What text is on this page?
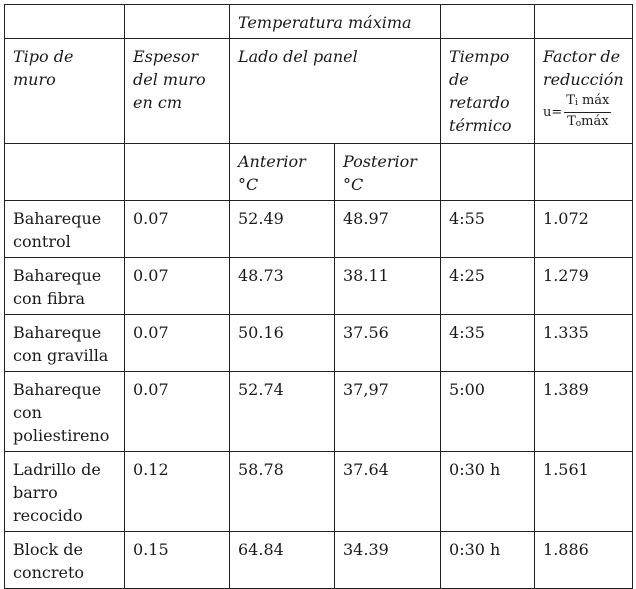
		Temperatura máxima			
Tipo de muro	Espesor del muro en cm	Lado del panel		Tiempo de retardo térmico	Factor de reducción
$u= \frac{\text{Ti máx}}{\text{Tomáx}}$

		Anterior °C	Posterior °C		
Bahareque control	0.07	52.49	48.97	4:55	1.072
Bahareque con fibra	0.07	48.73	38.11	4:25	1.279
Bahareque con gravilla	0.07	50.16	37.56	4:35	1.335
Bahareque con poliestireno	0.07	52.74	37,97	5:00	1.389
Ladrillo de barro recocido	0.12	58.78	37.64	0:30 h	1.561
Block de concreto	0.15	64.84	34.39	0:30 h	1.886
